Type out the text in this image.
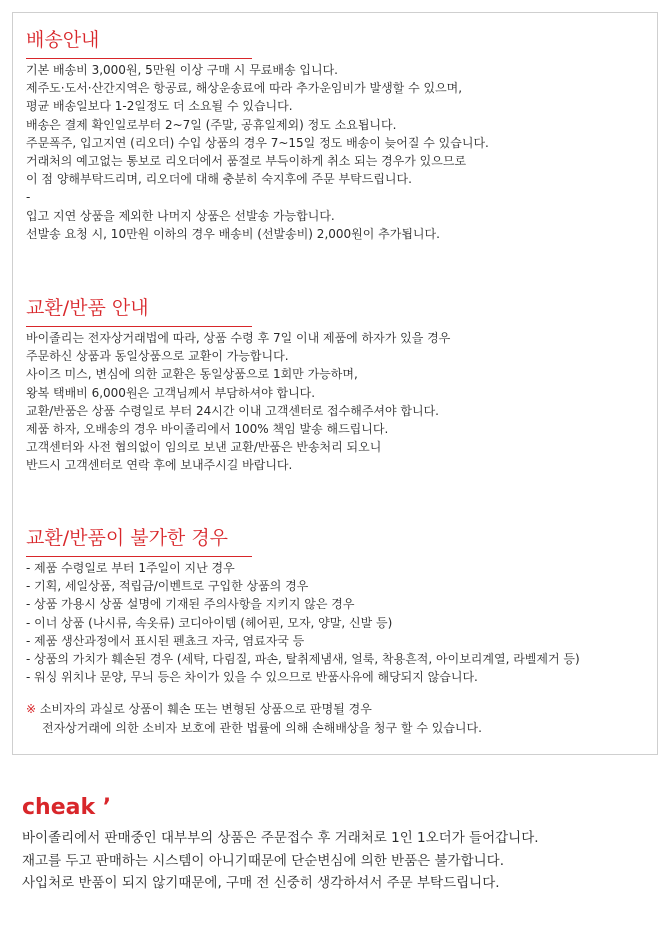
배송안내
기본 배송비 3,000원, 5만원 이상 구매 시 무료배송 입니다.
제주도·도서·산간지역은 항공료, 해상운송료에 따라 추가운임비가 발생할 수 있으며,
평균 배송일보다 1-2일정도 더 소요될 수 있습니다.
배송은 결제 확인일로부터 2~7일 (주말, 공휴일제외) 정도 소요됩니다.
주문폭주, 입고지연 (리오더) 수입 상품의 경우 7~15일 정도 배송이 늦어질 수 있습니다.
거래처의 예고없는 통보로 리오더에서 품절로 부득이하게 취소 되는 경우가 있으므로
이 점 양해부탁드리며, 리오더에 대해 충분히 숙지후에 주문 부탁드립니다.
-
입고 지연 상품을 제외한 나머지 상품은 선발송 가능합니다.
선발송 요청 시, 10만원 이하의 경우 배송비 (선발송비) 2,000원이 추가됩니다.
교환/반품 안내
바이졸리는 전자상거래법에 따라, 상품 수령 후 7일 이내 제품에 하자가 있을 경우
주문하신 상품과 동일상품으로 교환이 가능합니다.
사이즈 미스, 변심에 의한 교환은 동일상품으로 1회만 가능하며,
왕복 택배비 6,000원은 고객님께서 부담하셔야 합니다.
교환/반품은 상품 수령일로 부터 24시간 이내 고객센터로 접수해주셔야 합니다.
제품 하자, 오배송의 경우 바이졸리에서 100% 책임 발송 해드립니다.
고객센터와 사전 협의없이 임의로 보낸 교환/반품은 반송처리 되오니
반드시 고객센터로 연락 후에 보내주시길 바랍니다.
교환/반품이 불가한 경우
- 제품 수령일로 부터 1주일이 지난 경우
- 기획, 세일상품, 적립금/이벤트로 구입한 상품의 경우
- 상품 가용시 상품 설명에 기재된 주의사항을 지키지 않은 경우
- 이너 상품 (나시류, 속옷류) 코디아이템 (헤어핀, 모자, 양말, 신발 등)
- 제품 생산과정에서 표시된 펜쵸크 자국, 염료자국 등
- 상품의 가치가 훼손된 경우 (세탁, 다림질, 파손, 탈취제냄새, 얼룩, 착용흔적, 아이보리계열, 라벨제거 등)
- 워싱 위치나 문양, 무늬 등은 차이가 있을 수 있으므로 반품사유에 해당되지 않습니다.
※ 소비자의 과실로 상품이 훼손 또는 변형된 상품으로 판명될 경우
전자상거래에 의한 소비자 보호에 관한 법률에 의해 손해배상을 청구 할 수 있습니다.
cheak ’
바이졸리에서 판매중인 대부부의 상품은 주문접수 후 거래처로 1인 1오더가 들어갑니다.
재고를 두고 판매하는 시스템이 아니기때문에 단순변심에 의한 반품은 불가합니다.
사입처로 반품이 되지 않기때문에, 구매 전 신중히 생각하셔서 주문 부탁드립니다.
